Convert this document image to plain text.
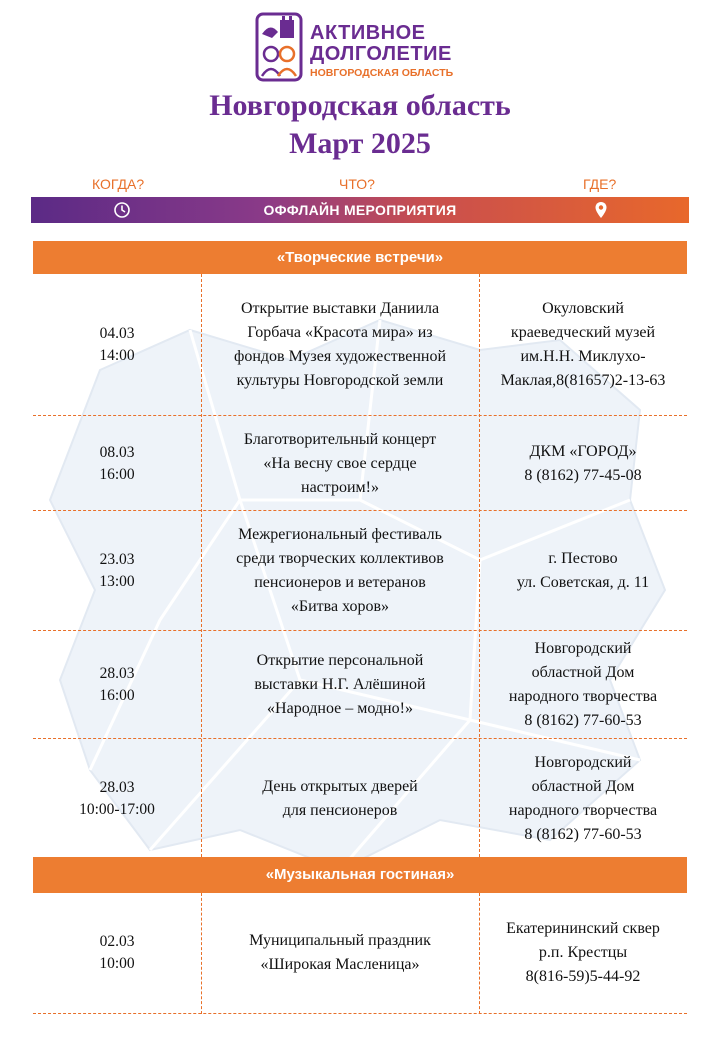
АКТИВНОЕ
ДОЛГОЛЕТИЕ
НОВГОРОДСКАЯ ОБЛАСТЬ
Новгородская область
Март 2025
КОГДА?	ЧТО?	ГДЕ?
ОФФЛАЙН МЕРОПРИЯТИЯ
«Творческие встречи»
04.03
14:00
Открытие выставки Даниила
Горбача «Красота мира» из
фондов Музея художественной
культуры Новгородской земли
Окуловский
краеведческий музей
им.Н.Н. Миклухо-
Маклая,8(81657)2-13-63
08.03
16:00
Благотворительный концерт
«На весну свое сердце
настроим!»
ДКМ «ГОРОД»
8 (8162) 77-45-08
23.03
13:00
Межрегиональный фестиваль
среди творческих коллективов
пенсионеров и ветеранов
«Битва хоров»
г. Пестово
ул. Советская, д. 11
28.03
16:00
Открытие персональной
выставки Н.Г. Алёшиной
«Народное – модно!»
Новгородский
областной Дом
народного творчества
8 (8162) 77-60-53
28.03
10:00-17:00
День открытых дверей
для пенсионеров
Новгородский
областной Дом
народного творчества
8 (8162) 77-60-53
«Музыкальная гостиная»
02.03
10:00
Муниципальный праздник
«Широкая Масленица»
Екатерининский сквер
р.п. Крестцы
8(816-59)5-44-92
